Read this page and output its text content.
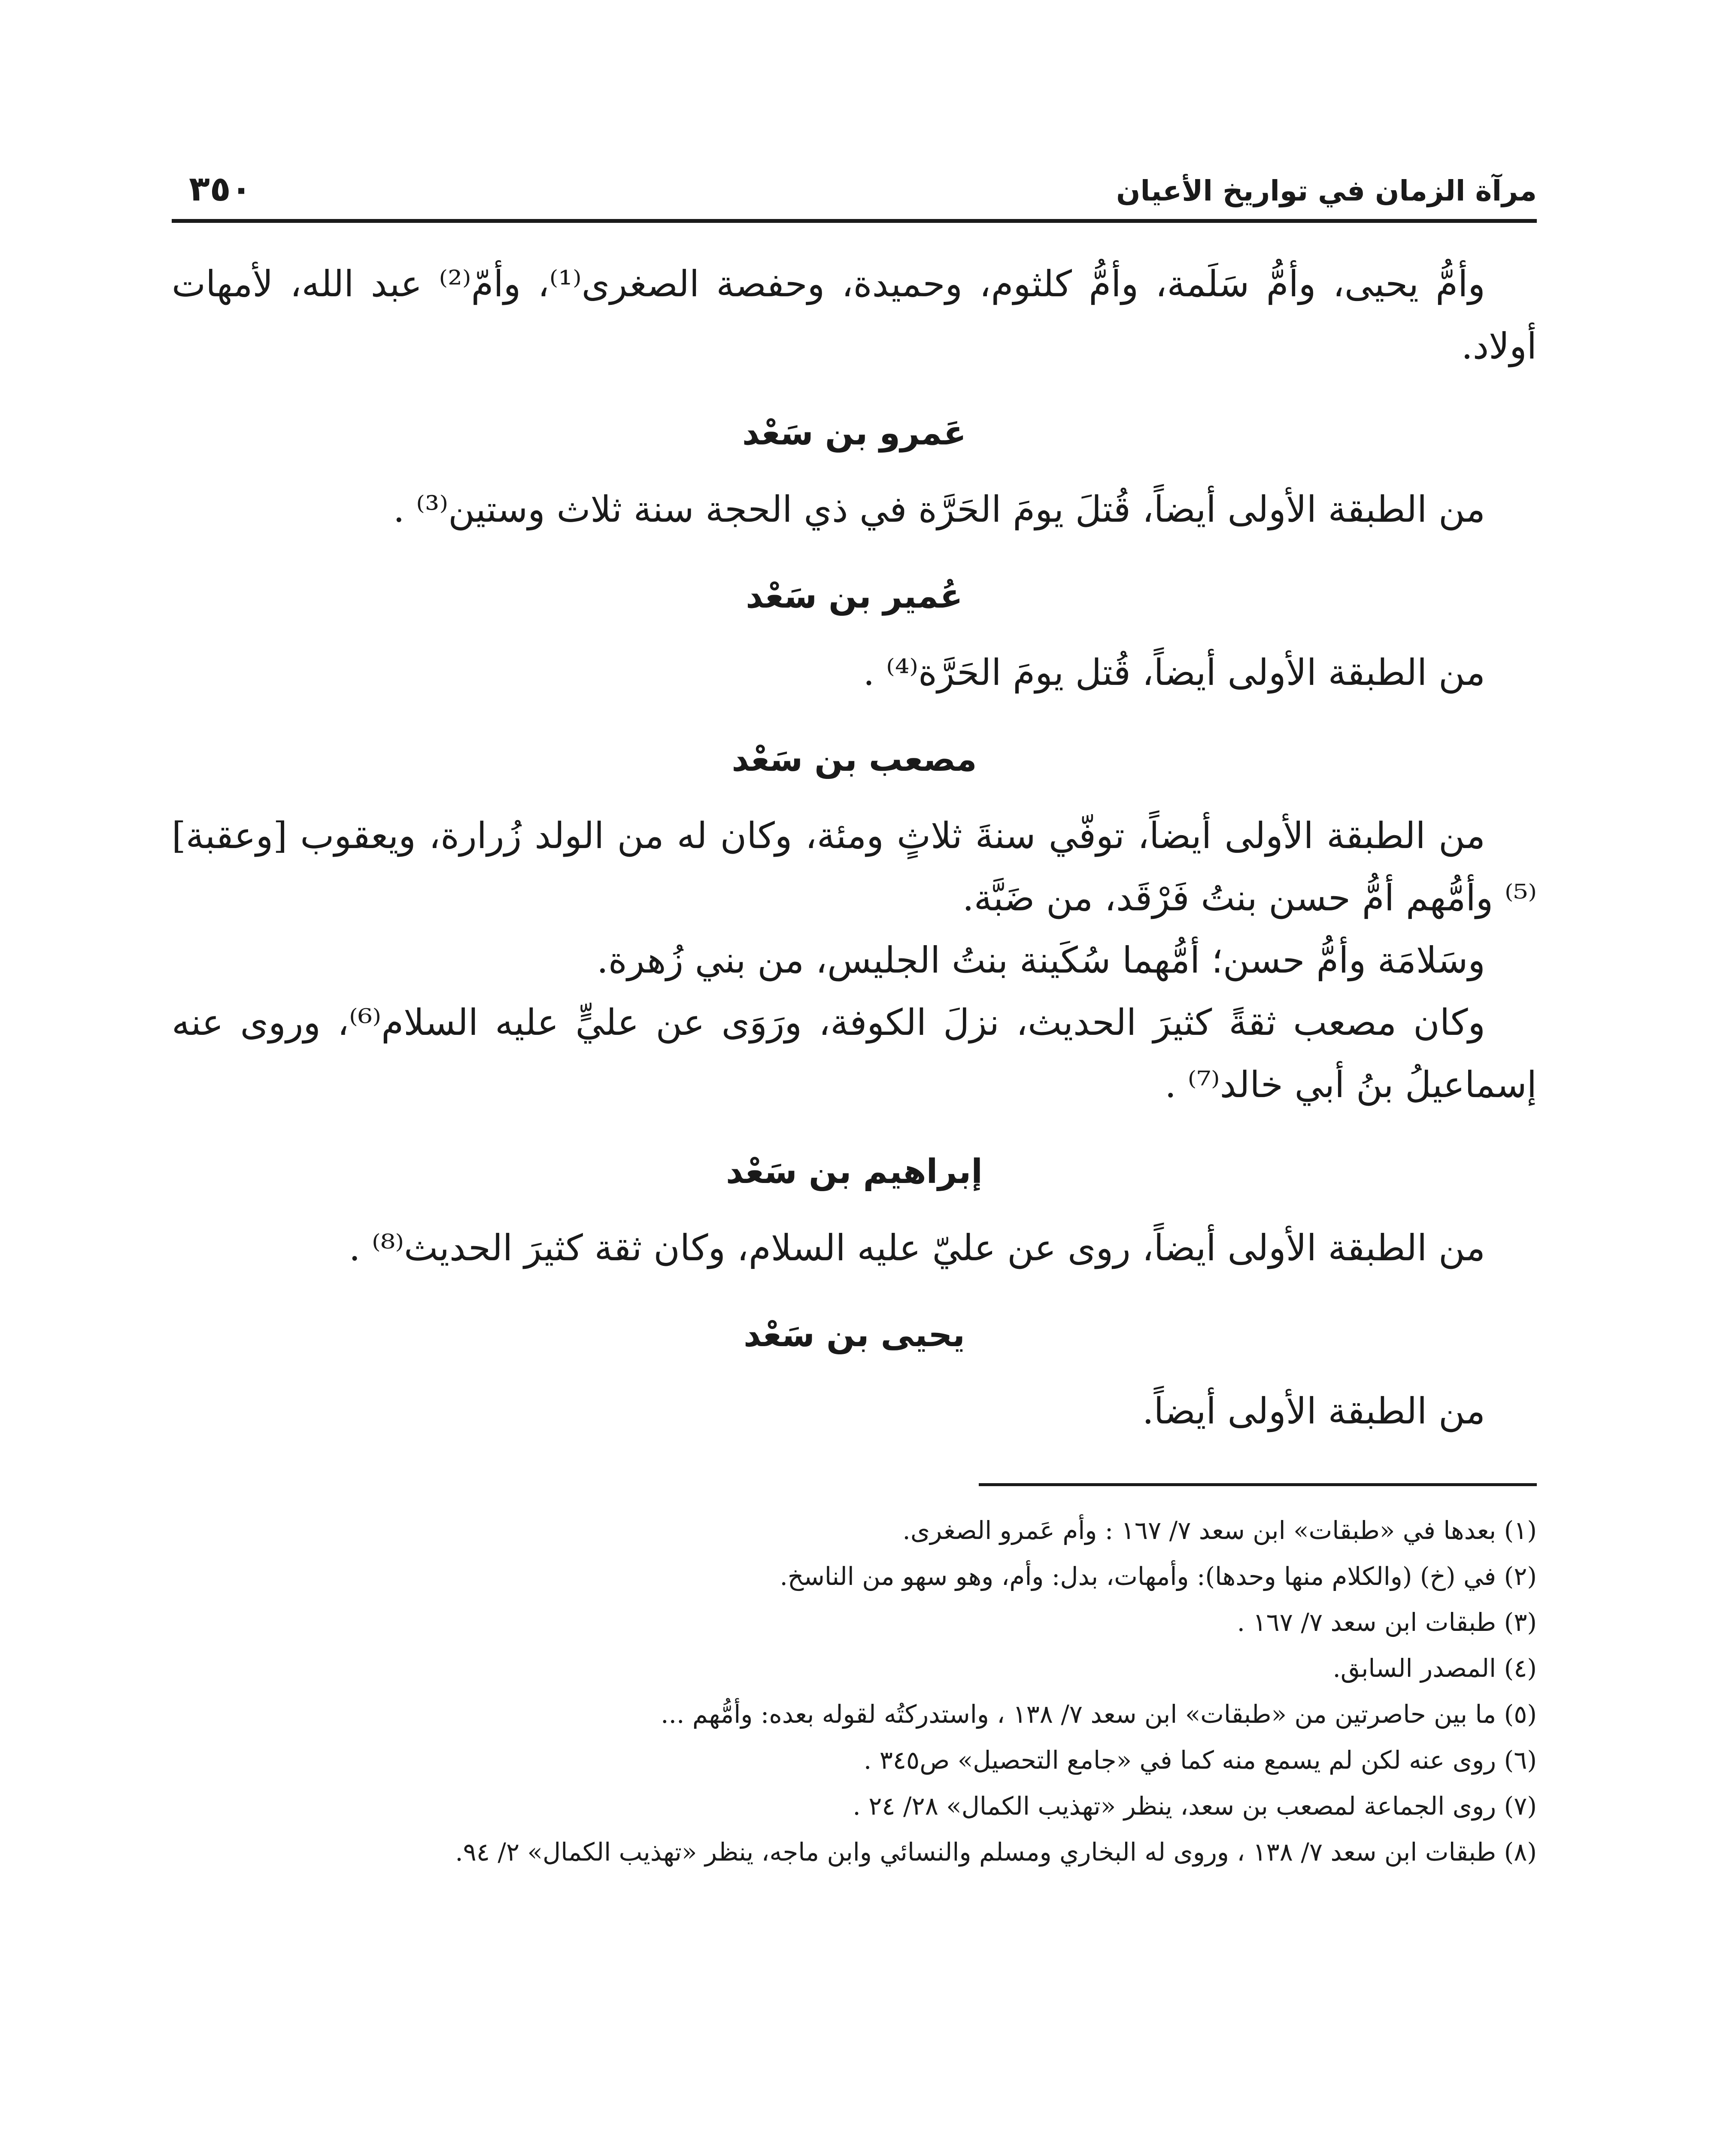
مرآة الزمان في تواريخ الأعيان
٣٥٠

وأمُّ يحيى، وأمُّ سَلَمة، وأمُّ كلثوم، وحميدة، وحفصة الصغرى⁽¹⁾، وأمّ⁽²⁾ عبد الله، لأمهات أولاد.

عَمرو بن سَعْد

من الطبقة الأولى أيضاً، قُتلَ يومَ الحَرَّة في ذي الحجة سنة ثلاث وستين⁽³⁾ .

عُمير بن سَعْد

من الطبقة الأولى أيضاً، قُتل يومَ الحَرَّة⁽⁴⁾ .

مصعب بن سَعْد

من الطبقة الأولى أيضاً، توفّي سنةَ ثلاثٍ ومئة، وكان له من الولد زُرارة، ويعقوب [وعقبة]⁽⁵⁾ وأمُّهم أمُّ حسن بنتُ فَرْقَد، من ضَبَّة.

وسَلامَة وأمُّ حسن؛ أمُّهما سُكَينة بنتُ الجليس، من بني زُهرة.

وكان مصعب ثقةً كثيرَ الحديث، نزلَ الكوفة، ورَوَى عن عليٍّ عليه السلام⁽⁶⁾، وروى عنه إسماعيلُ بنُ أبي خالد⁽⁷⁾ .

إبراهيم بن سَعْد

من الطبقة الأولى أيضاً، روى عن عليّ عليه السلام، وكان ثقة كثيرَ الحديث⁽⁸⁾ .

يحيى بن سَعْد

من الطبقة الأولى أيضاً.

(١) بعدها في «طبقات» ابن سعد ٧/ ١٦٧ : وأم عَمرو الصغرى.

(٢) في (خ) (والكلام منها وحدها): وأمهات، بدل: وأم، وهو سهو من الناسخ.

(٣) طبقات ابن سعد ٧/ ١٦٧ .

(٤) المصدر السابق.

(٥) ما بين حاصرتين من «طبقات» ابن سعد ٧/ ١٣٨ ، واستدركتُه لقوله بعده: وأمُّهم ...

(٦) روى عنه لكن لم يسمع منه كما في «جامع التحصيل» ص٣٤٥ .

(٧) روى الجماعة لمصعب بن سعد، ينظر «تهذيب الكمال» ٢٨/ ٢٤ .

(٨) طبقات ابن سعد ٧/ ١٣٨ ، وروى له البخاري ومسلم والنسائي وابن ماجه، ينظر «تهذيب الكمال» ٢/ ٩٤.
